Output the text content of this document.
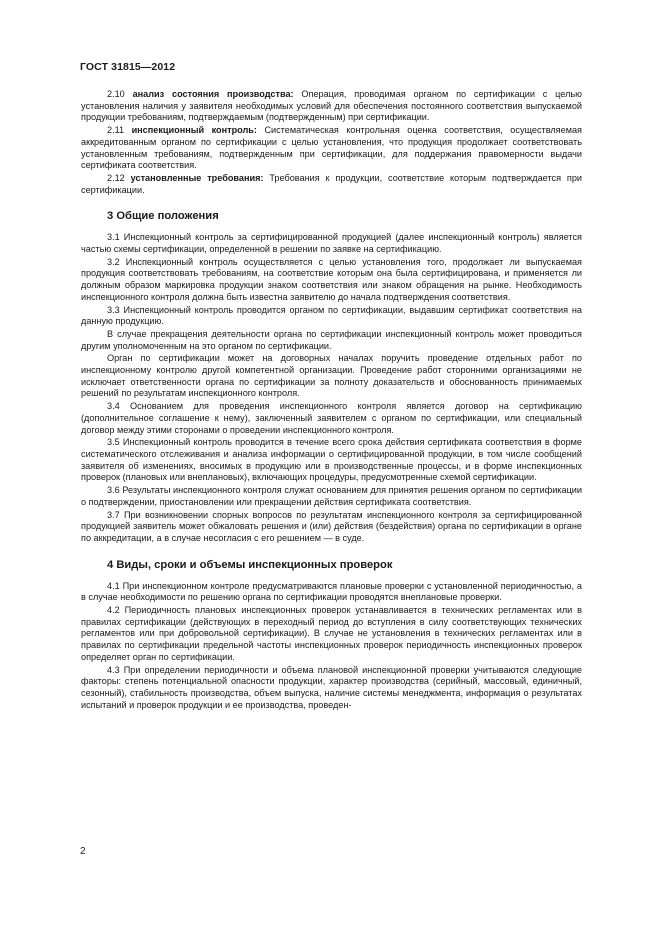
ГОСТ 31815—2012

2.10 анализ состояния производства: Операция, проводимая органом по сертификации с целью установления наличия у заявителя необходимых условий для обеспечения постоянного соответствия выпускаемой продукции требованиям, подтверждаемым (подтвержденным) при сертификации.

2.11 инспекционный контроль: Систематическая контрольная оценка соответствия, осуществляемая аккредитованным органом по сертификации с целью установления, что продукция продолжает соответствовать установленным требованиям, подтвержденным при сертификации, для поддержания правомерности выдачи сертификата соответствия.

2.12 установленные требования: Требования к продукции, соответствие которым подтверждается при сертификации.

3 Общие положения

3.1 Инспекционный контроль за сертифицированной продукцией (далее инспекционный контроль) является частью схемы сертификации, определенной в решении по заявке на сертификацию.

3.2 Инспекционный контроль осуществляется с целью установления того, продолжает ли выпускаемая продукция соответствовать требованиям, на соответствие которым она была сертифицирована, и применяется ли должным образом маркировка продукции знаком соответствия или знаком обращения на рынке. Необходимость инспекционного контроля должна быть известна заявителю до начала подтверждения соответствия.

3.3 Инспекционный контроль проводится органом по сертификации, выдавшим сертификат соответствия на данную продукцию.

В случае прекращения деятельности органа по сертификации инспекционный контроль может проводиться другим уполномоченным на это органом по сертификации.

Орган по сертификации может на договорных началах поручить проведение отдельных работ по инспекционному контролю другой компетентной организации. Проведение работ сторонними организациями не исключает ответственности органа по сертификации за полноту доказательств и обоснованность принимаемых решений по результатам инспекционного контроля.

3.4 Основанием для проведения инспекционного контроля является договор на сертификацию (дополнительное соглашение к нему), заключенный заявителем с органом по сертификации, или специальный договор между этими сторонами о проведении инспекционного контроля.

3.5 Инспекционный контроль проводится в течение всего срока действия сертификата соответствия в форме систематического отслеживания и анализа информации о сертифицированной продукции, в том числе сообщений заявителя об изменениях, вносимых в продукцию или в производственные процессы, и в форме инспекционных проверок (плановых или внеплановых), включающих процедуры, предусмотренные схемой сертификации.

3.6 Результаты инспекционного контроля служат основанием для принятия решения органом по сертификации о подтверждении, приостановлении или прекращении действия сертификата соответствия.

3.7 При возникновении спорных вопросов по результатам инспекционного контроля за сертифицированной продукцией заявитель может обжаловать решения и (или) действия (бездействия) органа по сертификации в органе по аккредитации, а в случае несогласия с его решением — в суде.

4 Виды, сроки и объемы инспекционных проверок

4.1 При инспекционном контроле предусматриваются плановые проверки с установленной периодичностью, а в случае необходимости по решению органа по сертификации проводятся внеплановые проверки.

4.2 Периодичность плановых инспекционных проверок устанавливается в технических регламентах или в правилах сертификации (действующих в переходный период до вступления в силу соответствующих технических регламентов или при добровольной сертификации). В случае не установления в технических регламентах или в правилах по сертификации предельной частоты инспекционных проверок периодичность инспекционных проверок определяет орган по сертификации.

4.3 При определении периодичности и объема плановой инспекционной проверки учитываются следующие факторы: степень потенциальной опасности продукции, характер производства (серийный, массовый, единичный, сезонный), стабильность производства, объем выпуска, наличие системы менеджмента, информация о результатах испытаний и проверок продукции и ее производства, проведен-

2
